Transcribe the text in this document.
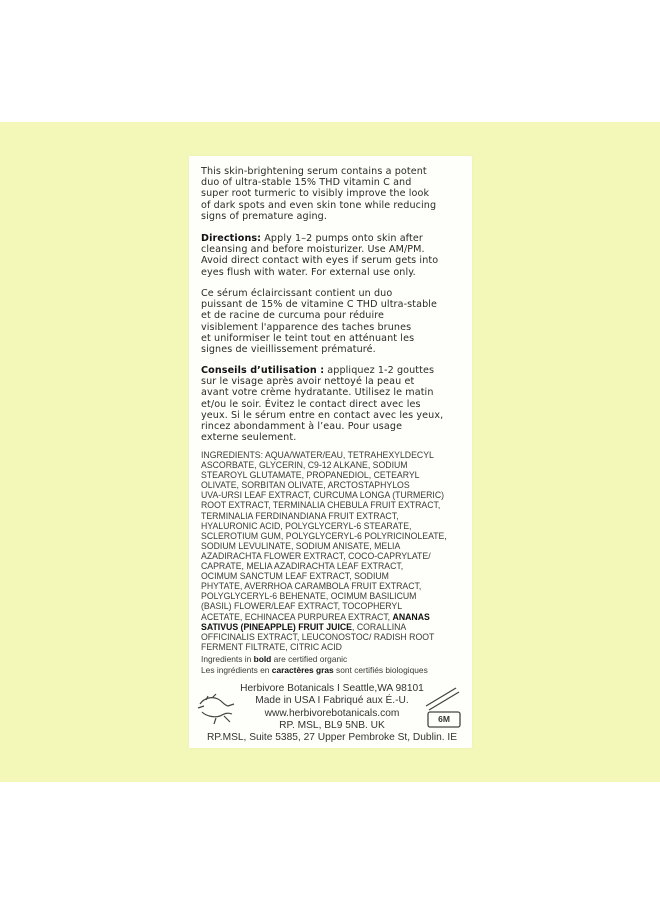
This skin-brightening serum contains a potent
duo of ultra-stable 15% THD vitamin C and
super root turmeric to visibly improve the look
of dark spots and even skin tone while reducing
signs of premature aging.
Directions: Apply 1–2 pumps onto skin after
cleansing and before moisturizer. Use AM/PM.
Avoid direct contact with eyes if serum gets into
eyes flush with water. For external use only.
Ce sérum éclaircissant contient un duo
puissant de 15% de vitamine C THD ultra-stable
et de racine de curcuma pour réduire
visiblement l'apparence des taches brunes
et uniformiser le teint tout en atténuant les
signes de vieillissement prématuré.
Conseils d’utilisation : appliquez 1-2 gouttes
sur le visage après avoir nettoyé la peau et
avant votre crème hydratante. Utilisez le matin
et/ou le soir. Évitez le contact direct avec les
yeux. Si le sérum entre en contact avec les yeux,
rincez abondamment à l’eau. Pour usage
externe seulement.
INGREDIENTS: AQUA/WATER/EAU, TETRAHEXYLDECYL
ASCORBATE, GLYCERIN, C9-12 ALKANE, SODIUM
STEAROYL GLUTAMATE, PROPANEDIOL, CETEARYL
OLIVATE, SORBITAN OLIVATE, ARCTOSTAPHYLOS
UVA-URSI LEAF EXTRACT, CURCUMA LONGA (TURMERIC)
ROOT EXTRACT, TERMINALIA CHEBULA FRUIT EXTRACT,
TERMINALIA FERDINANDIANA FRUIT EXTRACT,
HYALURONIC ACID, POLYGLYCERYL-6 STEARATE,
SCLEROTIUM GUM, POLYGLYCERYL-6 POLYRICINOLEATE,
SODIUM LEVULINATE, SODIUM ANISATE, MELIA
AZADIRACHTA FLOWER EXTRACT, COCO-CAPRYLATE/
CAPRATE, MELIA AZADIRACHTA LEAF EXTRACT,
OCIMUM SANCTUM LEAF EXTRACT, SODIUM
PHYTATE, AVERRHOA CARAMBOLA FRUIT EXTRACT,
POLYGLYCERYL-6 BEHENATE, OCIMUM BASILICUM
(BASIL) FLOWER/LEAF EXTRACT, TOCOPHERYL
ACETATE, ECHINACEA PURPUREA EXTRACT, ANANAS
SATIVUS (PINEAPPLE) FRUIT JUICE, CORALLINA
OFFICINALIS EXTRACT, LEUCONOSTOC/ RADISH ROOT
FERMENT FILTRATE, CITRIC ACID
Ingredients in bold are certified organic
Les ingrédients en caractères gras sont certifiés biologiques
Herbivore Botanicals I Seattle,WA 98101
Made in USA I Fabriqué aux É.-U.
www.herbivorebotanicals.com
RP. MSL, BL9 5NB. UK
RP.MSL, Suite 5385, 27 Upper Pembroke St, Dublin. IE
6M
